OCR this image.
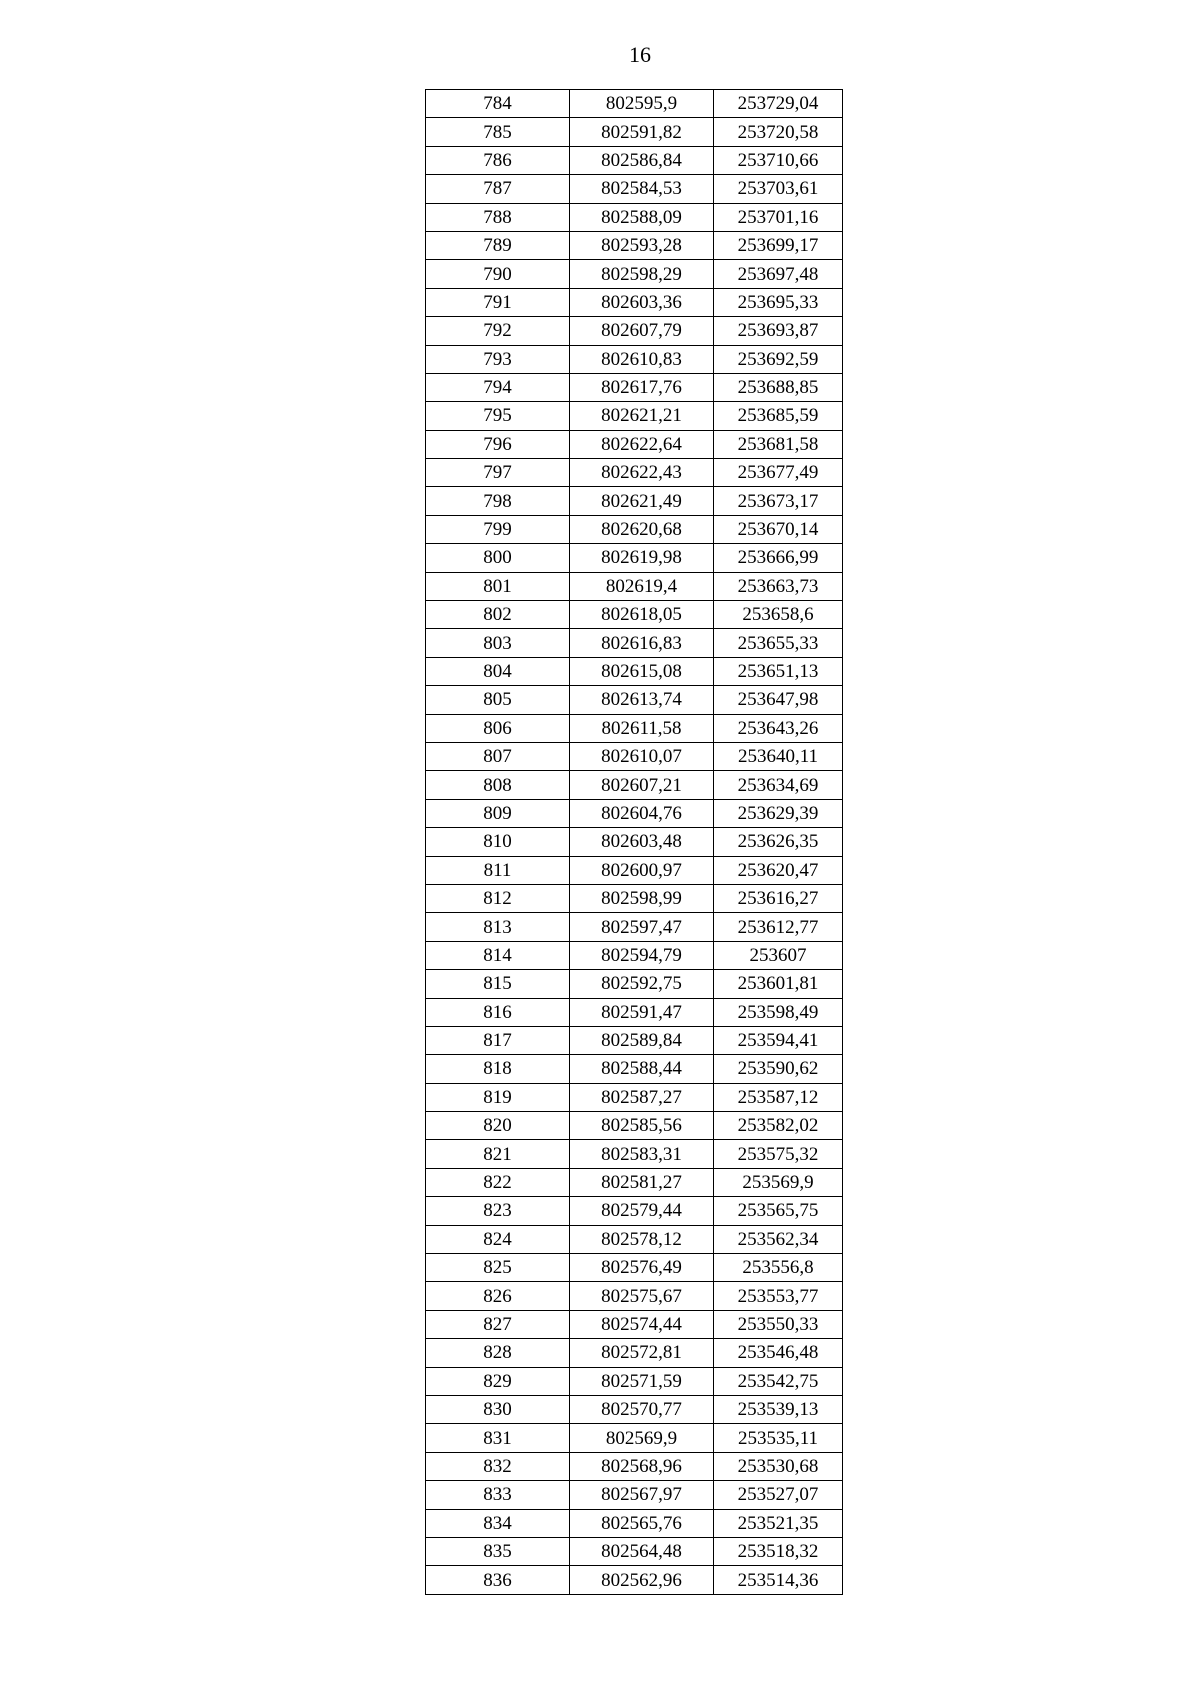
16
784	802595,9	253729,04
785	802591,82	253720,58
786	802586,84	253710,66
787	802584,53	253703,61
788	802588,09	253701,16
789	802593,28	253699,17
790	802598,29	253697,48
791	802603,36	253695,33
792	802607,79	253693,87
793	802610,83	253692,59
794	802617,76	253688,85
795	802621,21	253685,59
796	802622,64	253681,58
797	802622,43	253677,49
798	802621,49	253673,17
799	802620,68	253670,14
800	802619,98	253666,99
801	802619,4	253663,73
802	802618,05	253658,6
803	802616,83	253655,33
804	802615,08	253651,13
805	802613,74	253647,98
806	802611,58	253643,26
807	802610,07	253640,11
808	802607,21	253634,69
809	802604,76	253629,39
810	802603,48	253626,35
811	802600,97	253620,47
812	802598,99	253616,27
813	802597,47	253612,77
814	802594,79	253607
815	802592,75	253601,81
816	802591,47	253598,49
817	802589,84	253594,41
818	802588,44	253590,62
819	802587,27	253587,12
820	802585,56	253582,02
821	802583,31	253575,32
822	802581,27	253569,9
823	802579,44	253565,75
824	802578,12	253562,34
825	802576,49	253556,8
826	802575,67	253553,77
827	802574,44	253550,33
828	802572,81	253546,48
829	802571,59	253542,75
830	802570,77	253539,13
831	802569,9	253535,11
832	802568,96	253530,68
833	802567,97	253527,07
834	802565,76	253521,35
835	802564,48	253518,32
836	802562,96	253514,36
